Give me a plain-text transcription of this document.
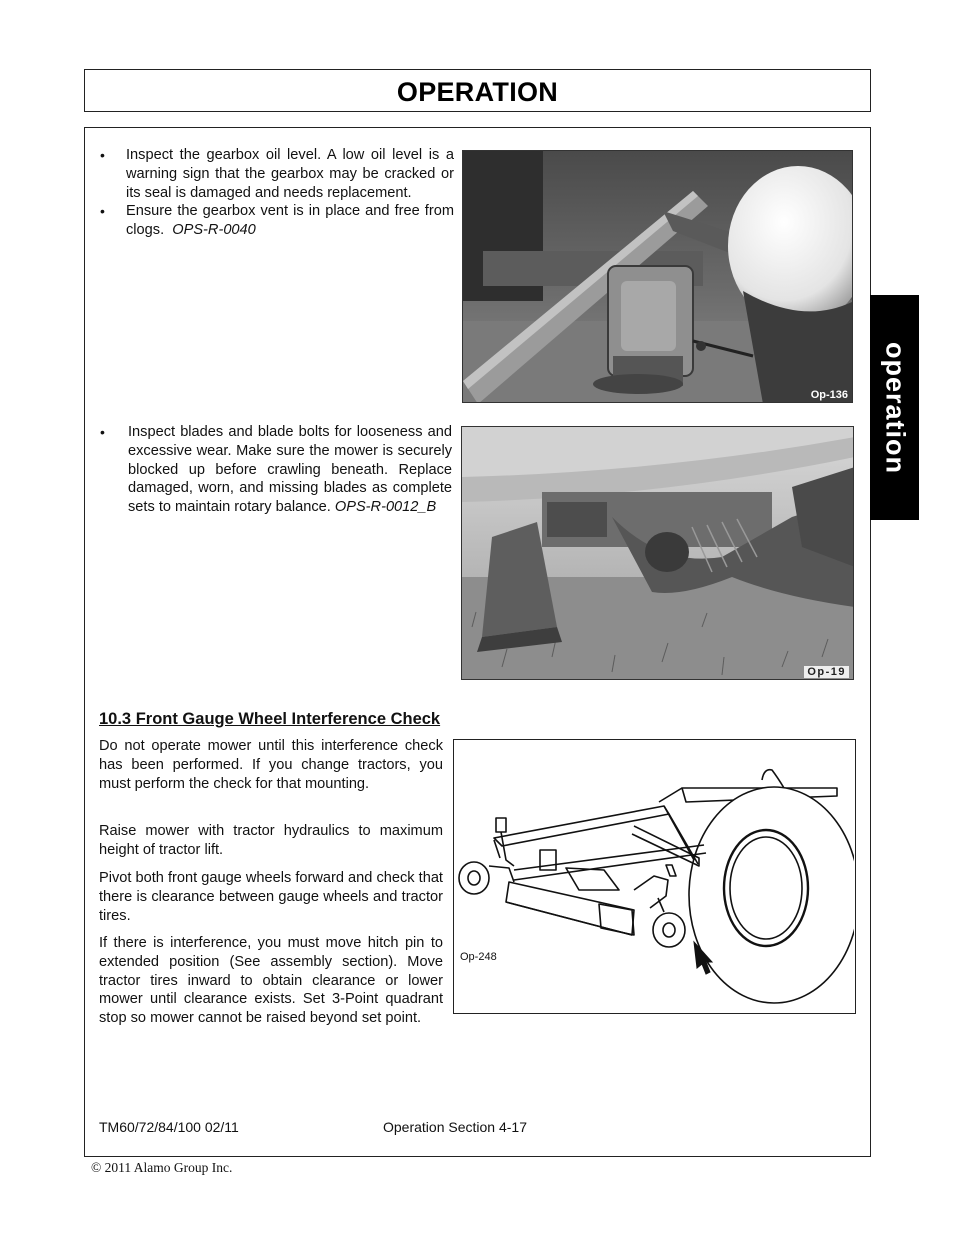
OPERATION
operation
• Inspect the gearbox oil level. A low oil level is a warning sign that the gearbox may be cracked or its seal is damaged and needs replacement.
• Ensure the gearbox vent is in place and free from clogs. OPS-R-0040
Op-136
• Inspect blades and blade bolts for looseness and excessive wear. Make sure the mower is securely blocked up before crawling beneath. Replace damaged, worn, and missing blades as complete sets to maintain rotary balance. OPS-R-0012_B
Op-19
10.3 Front Gauge Wheel Interference Check
Do not operate mower until this interference check has been performed. If you change tractors, you must perform the check for that mounting.
Raise mower with tractor hydraulics to maximum height of tractor lift.
Pivot both front gauge wheels forward and check that there is clearance between gauge wheels and tractor tires.
If there is interference, you must move hitch pin to extended position (See assembly section). Move tractor tires inward to obtain clearance or lower mower until clearance exists. Set 3-Point quadrant stop so mower cannot be raised beyond set point.
Op-248
TM60/72/84/100 02/11	Operation Section 4-17
© 2011 Alamo Group Inc.
